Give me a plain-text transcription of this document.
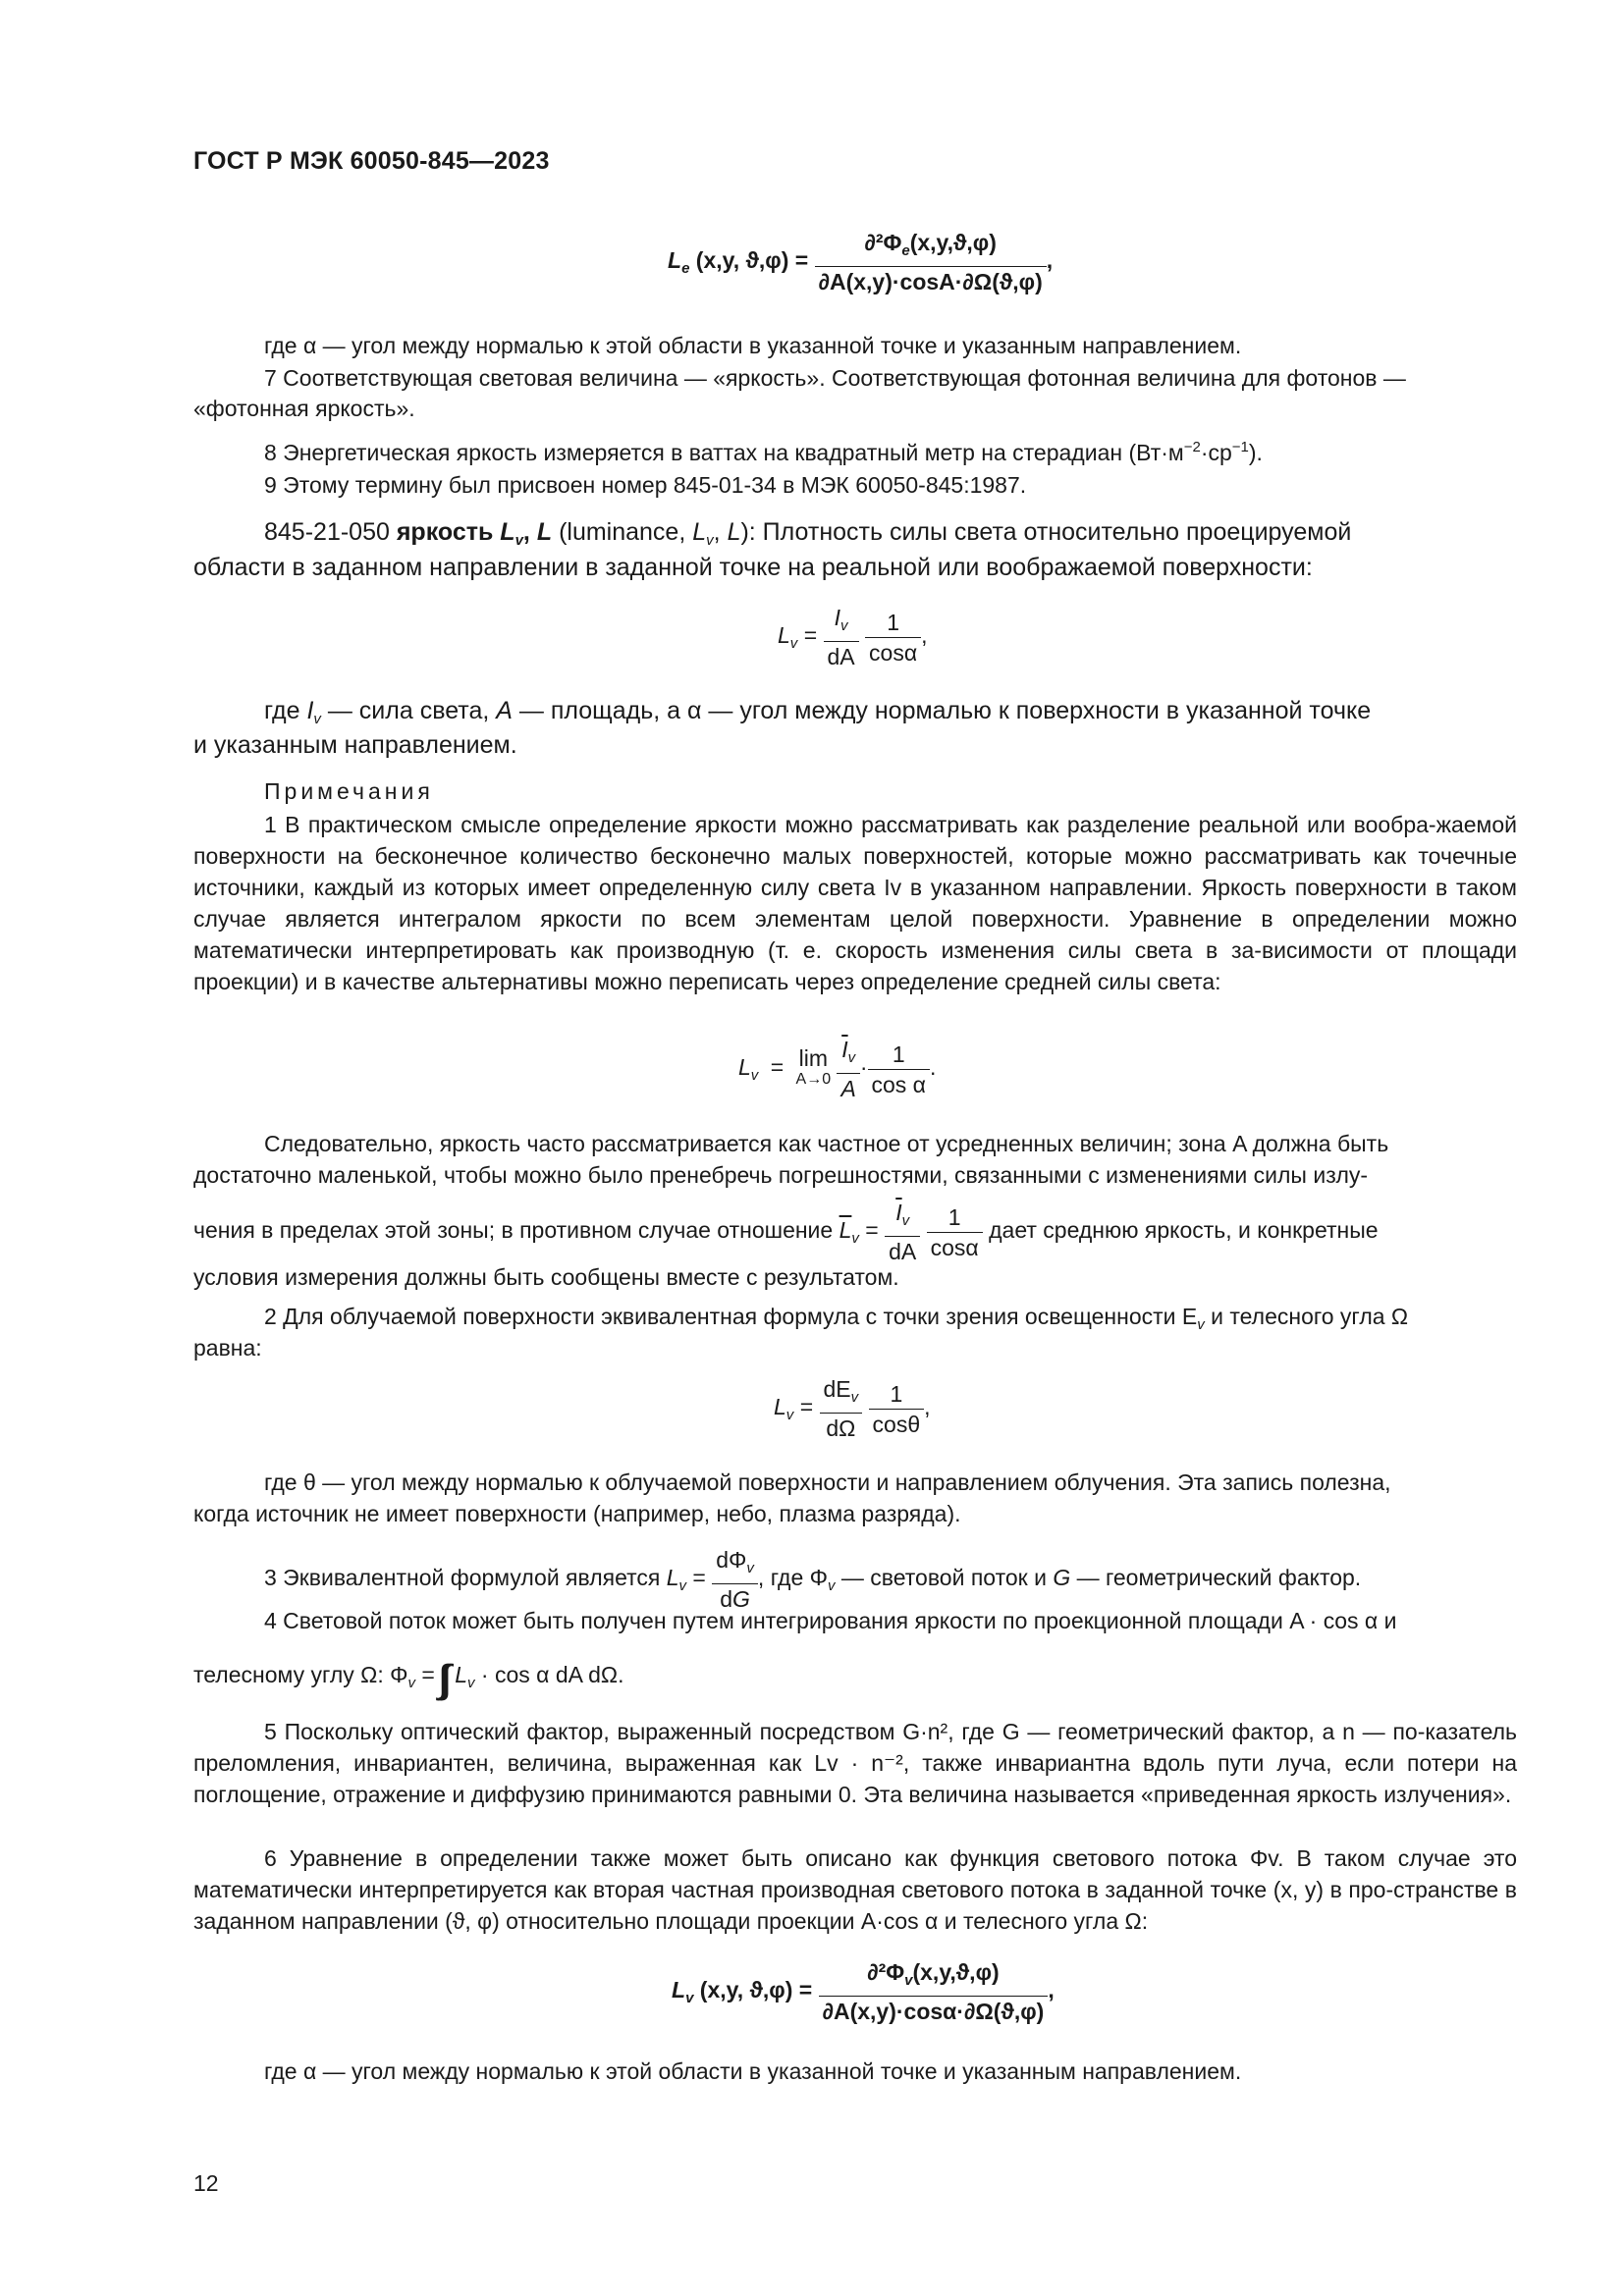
ГОСТ Р МЭК 60050-845—2023
$L_e$ (x,y, $ϑ,\varphi) = \frac{\partial^2\Phi_e(x,y,ϑ,\varphi)}{\partial A(x,y)\cdot\cos A\cdot\partial\Omega(ϑ,\varphi)}$ ,
где α — угол между нормалью к этой области в указанной точке и указанным направлением.
7 Соответствующая световая величина — «яркость». Соответствующая фотонная величина для фотонов —
«фотонная яркость».
8 Энергетическая яркость измеряется в ваттах на квадратный метр на стерадиан $(Вт\cdot м^{-2}\cdot ср^{-1})$.
9 Этому термину был присвоен номер 845-01-34 в МЭК 60050-845:1987.
845-21-050 яркость $L_v$, L (luminance, $L_v$, L): Плотность силы света относительно проецируемой
области в заданном направлении в заданной точке на реальной или воображаемой поверхности:
$L_v = \frac{I_v}{dA}$
$\frac{1}{\cos\alpha}$ ,
где $I_v$ — сила света, A — площадь, а α — угол между нормалью к поверхности в указанной точке
и указанным направлением.
Примечания
1 В практическом смысле определение яркости можно рассматривать как разделение реальной или вообра-жаемой поверхности на бесконечное количество бесконечно малых поверхностей, которые можно рассматривать как точечные источники, каждый из которых имеет определенную силу света Iv в указанном направлении. Яркость поверхности в таком случае является интегралом яркости по всем элементам целой поверхности. Уравнение в определении можно математически интерпретировать как производную (т. е. скорость изменения силы света в за-висимости от площади проекции) и в качестве альтернативы можно переписать через определение средней силы света:
$L_v = \lim$
A→0
$\frac{\overline{I}_v}{A} \cdot \frac{1}{\text{cos α}}$ .
Следовательно, яркость часто рассматривается как частное от усредненных величин; зона A должна быть
достаточно маленькой, чтобы можно было пренебречь погрешностями, связанными с изменениями силы излу-
чения в пределах этой зоны; в противном случае отношение $\overline{L}_v = \frac{\overline{I}_v}{dA}$
$\frac{1}{\cos\alpha}$ дает среднюю яркость, и конкретные
условия измерения должны быть сообщены вместе с результатом.
2 Для облучаемой поверхности эквивалентная формула с точки зрения освещенности $E_v$ и телесного угла Ω
равна:
$L_v = \frac{dE_v}{d\Omega}$
$\frac{1}{\cos\theta}$ ,
где θ — угол между нормалью к облучаемой поверхности и направлением облучения. Эта запись полезна,
когда источник не имеет поверхности (например, небо, плазма разряда).
3 Эквивалентной формулой является $L_v = \frac{d\Phi_v}{dG}$ , где $\Phi_v$ — световой поток и G — геометрический фактор.
4 Световой поток может быть получен путем интегрирования яркости по проекционной площади A · cos α и
телесному углу Ω: $\Phi_v = L_v \cdot \cos \alpha$ dA dΩ.
5 Поскольку оптический фактор, выраженный посредством G·n², где G — геометрический фактор, а n — по-казатель преломления, инвариантен, величина, выраженная как Lv · n⁻², также инвариантна вдоль пути луча, если потери на поглощение, отражение и диффузию принимаются равными 0. Эта величина называется «приведенная яркость излучения».
6 Уравнение в определении также может быть описано как функция светового потока Φv. В таком случае это математически интерпретируется как вторая частная производная светового потока в заданной точке (x, y) в про-странстве в заданном направлении (ϑ, φ) относительно площади проекции A·cos α и телесного угла Ω:
$L_v$ (x,y, $ϑ,\varphi) = \frac{\partial^2\Phi_v(x,y,ϑ,\varphi)}{\partial A(x,y)\cdot\cos\alpha\cdot\partial\Omega(ϑ,\varphi)}$ ,
где α — угол между нормалью к этой области в указанной точке и указанным направлением.
12
